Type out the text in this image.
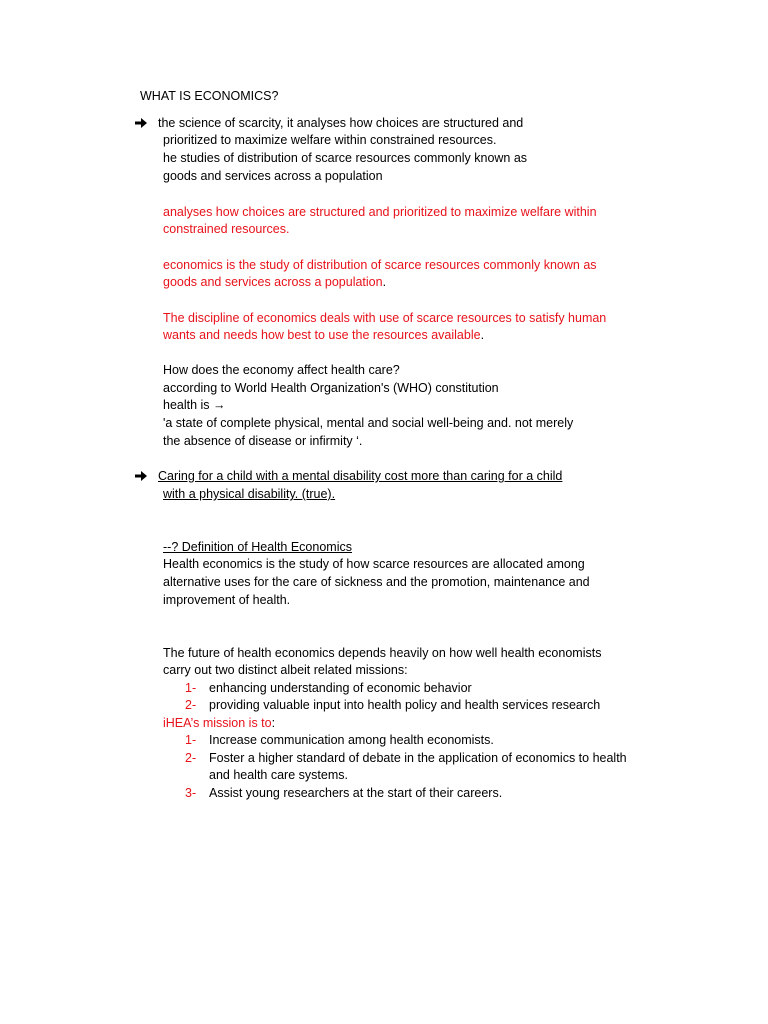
WHAT IS ECONOMICS?
the science of scarcity, it analyses how choices are structured and
prioritized to maximize welfare within constrained resources.
he studies of distribution of scarce resources commonly known as
goods and services across a population
analyses how choices are structured and prioritized to maximize welfare within
constrained resources.
economics is the study of distribution of scarce resources commonly known as
goods and services across a population.
The discipline of economics deals with use of scarce resources to satisfy human
wants and needs how best to use the resources available.
How does the economy affect health care?
according to World Health Organization's (WHO) constitution
health is →
'a state of complete physical, mental and social well-being and. not merely
the absence of disease or infirmity ‘.
Caring for a child with a mental disability cost more than caring for a child
with a physical disability. (true).
--? Definition of Health Economics
Health economics is the study of how scarce resources are allocated among
alternative uses for the care of sickness and the promotion, maintenance and
improvement of health.
The future of health economics depends heavily on how well health economists
carry out two distinct albeit related missions:
1- enhancing understanding of economic behavior
2- providing valuable input into health policy and health services research
iHEA’s mission is to:
1- Increase communication among health economists.
2- Foster a higher standard of debate in the application of economics to health
and health care systems.
3- Assist young researchers at the start of their careers.
